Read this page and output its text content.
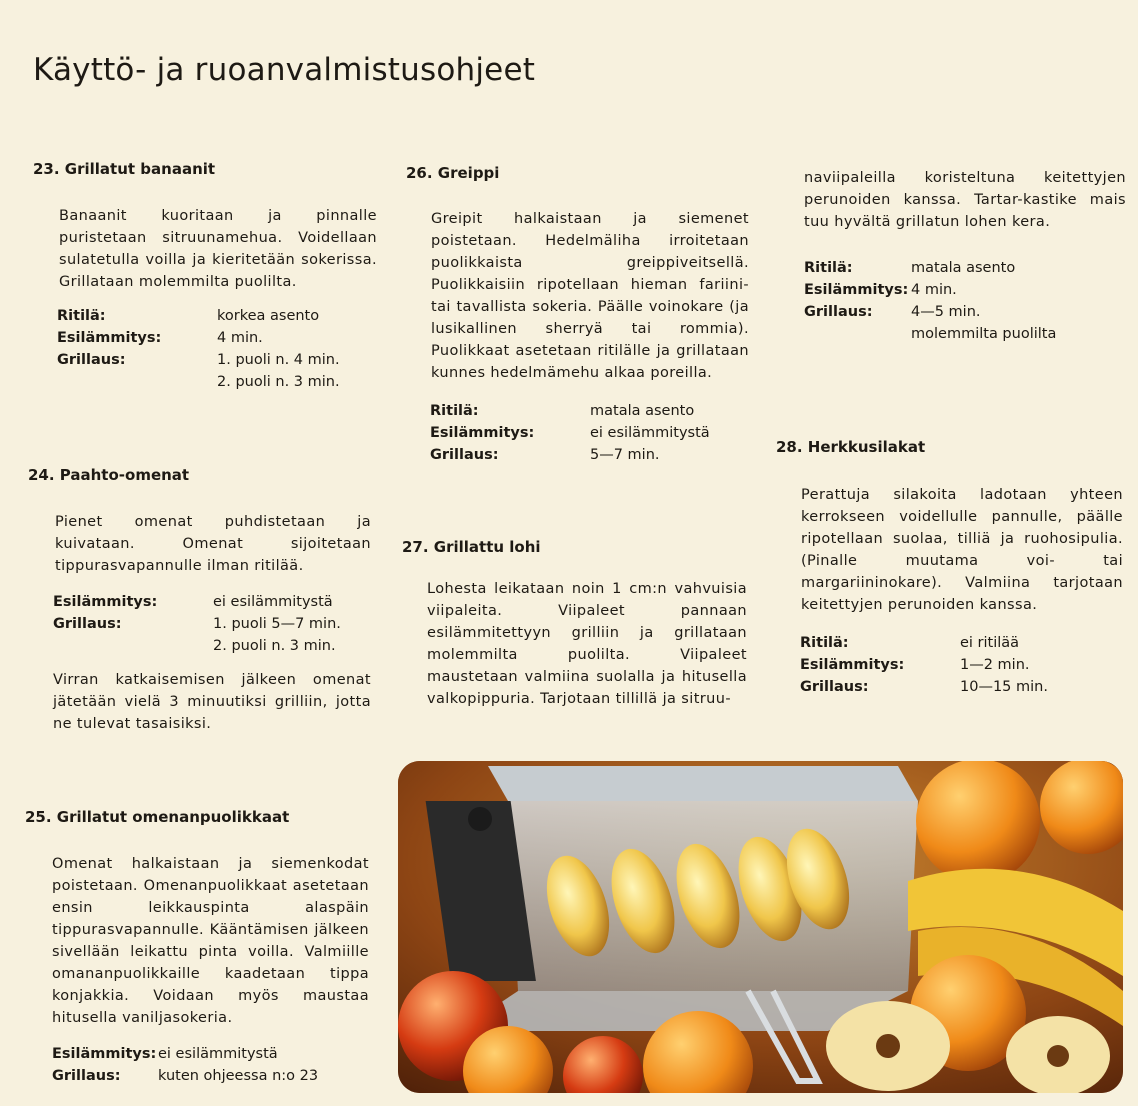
Käyttö- ja ruoanvalmistusohjeet
23. Grillatut banaanit
Banaanit kuoritaan ja pinnalle puristetaan sitruunamehua. Voidellaan sulatetulla voilla ja kieritetään sokerissa. Grillataan molemmilta puolilta.
Ritilä:	korkea asento
Esilämmitys:	4 min.
Grillaus:	1. puoli n. 4 min.
	2. puoli n. 3 min.
24. Paahto-omenat
Pienet omenat puhdistetaan ja kuivataan. Omenat sijoitetaan tippurasvapannulle ilman ritilää.
Esilämmitys:	ei esilämmitystä
Grillaus:	1. puoli 5—7 min.
	2. puoli n. 3 min.
Virran katkaisemisen jälkeen omenat jätetään vielä 3 minuutiksi grilliin, jotta ne tulevat tasaisiksi.
25. Grillatut omenanpuolikkaat
Omenat halkaistaan ja siemenkodat poistetaan. Omenanpuolikkaat asetetaan ensin leikkauspinta alaspäin tippurasvapannulle. Kääntämisen jälkeen sivellään leikattu pinta voilla. Valmiille omananpuolikkaille kaadetaan tippa konjakkia. Voidaan myös maustaa hitusella vaniljasokeria.
Esilämmitys:	ei esilämmitystä
Grillaus:	kuten ohjeessa n:o 23
26. Greippi
Greipit halkaistaan ja siemenet poistetaan. Hedelmäliha irroitetaan puolikkaista greippiveitsellä. Puolikkaisiin ripotellaan hieman fariini- tai tavallista sokeria. Päälle voinokare (ja lusikallinen sherryä tai rommia). Puolikkaat asetetaan ritilälle ja grillataan kunnes hedelmämehu alkaa poreilla.
Ritilä:	matala asento
Esilämmitys:	ei esilämmitystä
Grillaus:	5—7 min.
27. Grillattu lohi
Lohesta leikataan noin 1 cm:n vahvuisia viipaleita. Viipaleet pannaan esilämmitettyyn grilliin ja grillataan molemmilta puolilta. Viipaleet maustetaan valmiina suolalla ja hitusella valkopippuria. Tarjotaan tillillä ja sitruu-
naviipaleilla koristeltuna keitettyjen perunoiden kanssa. Tartar-kastike mais tuu hyvältä grillatun lohen kera.
Ritilä:	matala asento
Esilämmitys:	4 min.
Grillaus:	4—5 min. molemmilta puolilta
28. Herkkusilakat
Perattuja silakoita ladotaan yhteen kerrokseen voidellulle pannulle, päälle ripotellaan suolaa, tilliä ja ruohosipulia. (Pinalle muutama voi- tai margariininokare). Valmiina tarjotaan keitettyjen perunoiden kanssa.
Ritilä:	ei ritilää
Esilämmitys:	1—2 min.
Grillaus:	10—15 min.
